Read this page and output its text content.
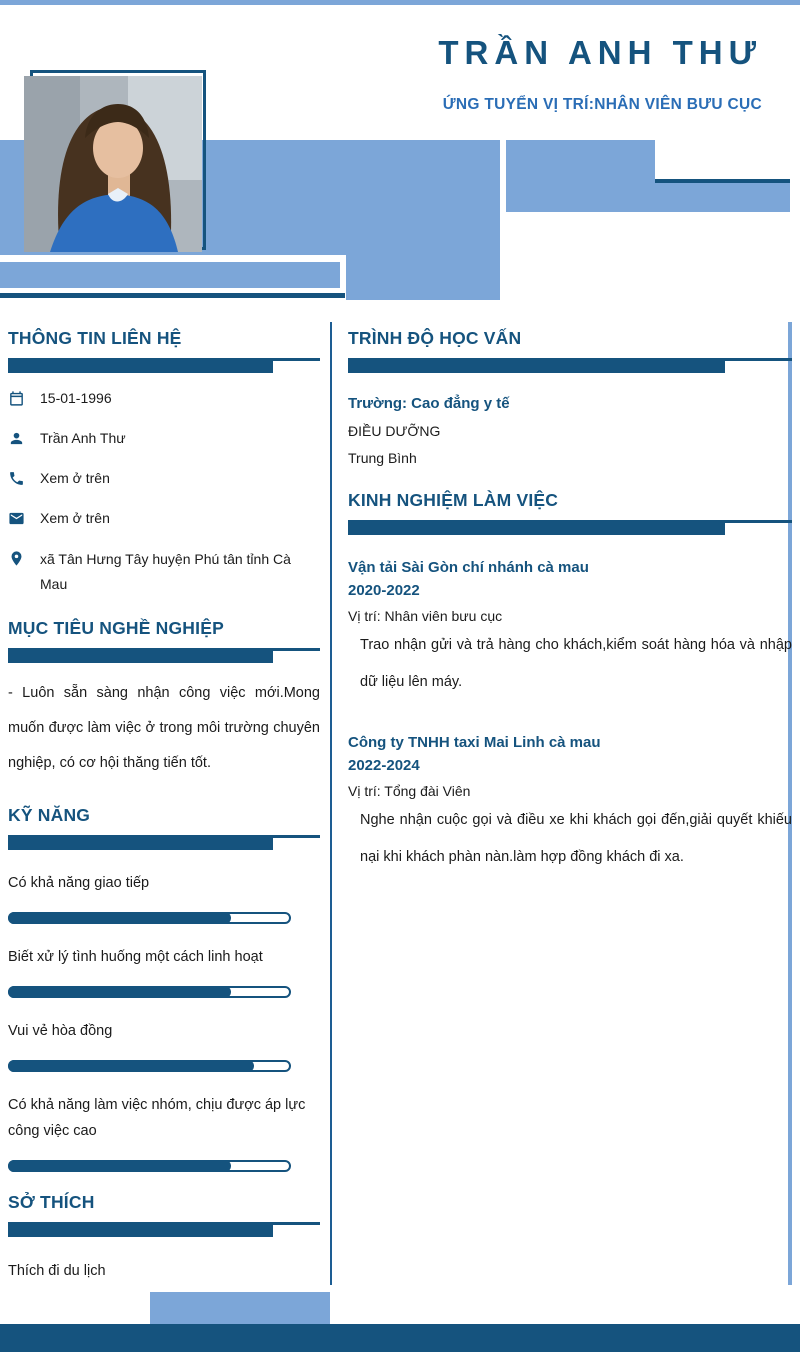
TRẦN ANH THƯ
ỨNG TUYỂN VỊ TRÍ:NHÂN VIÊN BƯU CỤC
THÔNG TIN LIÊN HỆ
15-01-1996
Trần Anh Thư
Xem ở trên
Xem ở trên
xã Tân Hưng Tây huyện Phú tân tỉnh Cà Mau
MỤC TIÊU NGHỀ NGHIỆP

- Luôn sẵn sàng nhận công việc mới.Mong muốn được làm việc ở trong môi trường chuyên nghiệp, có cơ hội thăng tiến tốt.

KỸ NĂNG
Có khả năng giao tiếp
Biết xử lý tình huống một cách linh hoạt
Vui vẻ hòa đồng
Có khả năng làm việc nhóm, chịu được áp lực công việc cao
SỞ THÍCH

Thích đi du lịch

TRÌNH ĐỘ HỌC VẤN
Trường: Cao đẳng y tế
ĐIỀU DƯỠNG
Trung Bình
KINH NGHIỆM LÀM VIỆC
Vận tải Sài Gòn chí nhánh cà mau
2020-2022
Vị trí: Nhân viên bưu cục

Trao nhận gửi và trả hàng cho khách,kiểm soát hàng hóa và nhập dữ liệu lên máy.

Công ty TNHH taxi Mai Linh cà mau
2022-2024
Vị trí: Tổng đài Viên

Nghe nhận cuộc gọi và điều xe khi khách gọi đến,giải quyết khiếu nại khi khách phàn nàn.làm hợp đồng khách đi xa.
